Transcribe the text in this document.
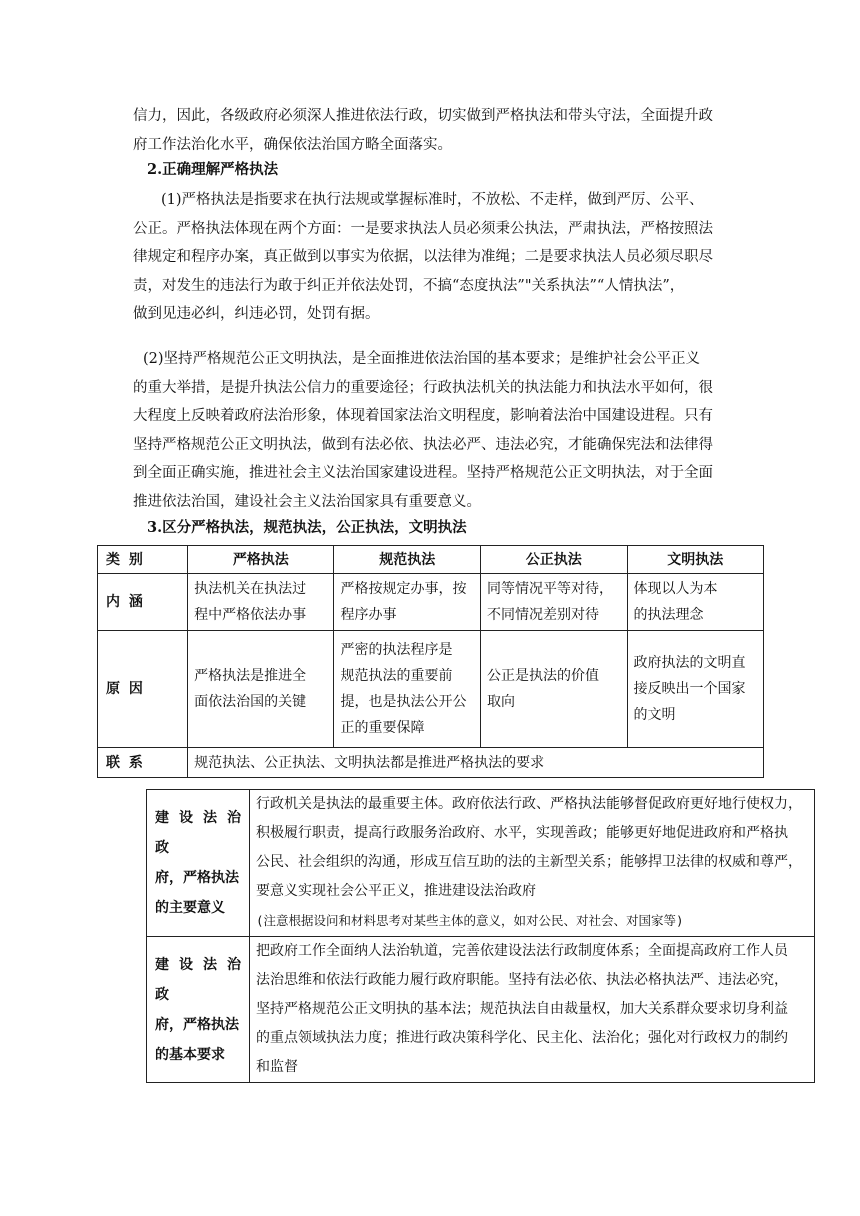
信力，因此，各级政府必须深人推进依法行政，切实做到严格执法和带头守法，全面提升政
府工作法治化水平，确保依法治国方略全面落实。

2.正确理解严格执法

(1)严格执法是指要求在执行法规或掌握标准时，不放松、不走样，做到严厉、公平、
公正。严格执法体现在两个方面：一是要求执法人员必须秉公执法，严肃执法，严格按照法
律规定和程序办案，真正做到以事实为依据，以法律为准绳；二是要求执法人员必须尽职尽
责，对发生的违法行为敢于纠正并依法处罚，不搞“态度执法”"关系执法”“人情执法”，
做到见违必纠，纠违必罚，处罚有据。

(2)坚持严格规范公正文明执法，是全面推进依法治国的基本要求；是维护社会公平正义
的重大举措，是提升执法公信力的重要途径；行政执法机关的执法能力和执法水平如何，很
大程度上反映着政府法治形象，体现着国家法治文明程度，影响着法治中国建设进程。只有
坚持严格规范公正文明执法，做到有法必依、执法必严、违法必究，才能确保宪法和法律得
到全面正确实施，推进社会主义法治国家建设进程。坚持严格规范公正文明执法，对于全面
推进依法治国，建设社会主义法治国家具有重要意义。

3.区分严格执法，规范执法，公正执法，文明执法

类 别	严格执法	规范执法	公正执法	文明执法
内 涵	执法机关在执法过
程中严格依法办事	严格按规定办事，按
程序办事	同等情况平等对待，
不同情况差别对待	体现以人为本
的执法理念
原 因	严格执法是推进全
面依法治国的关键	严密的执法程序是
规范执法的重要前
提，也是执法公开公
正的重要保障	公正是执法的价值
取向	政府执法的文明直
接反映出一个国家
的文明
联 系	规范执法、公正执法、文明执法都是推进严格执法的要求			
建 设 法 治 政
府，严格执法
的主要意义	行政机关是执法的最重要主体。政府依法行政、严格执法能够督促政府更好地行使权力，
积极履行职责，提高行政服务治政府、水平，实现善政；能够更好地促进政府和严格执
公民、社会组织的沟通，形成互信互助的法的主新型关系；能够捍卫法律的权威和尊严，
要意义实现社会公平正义，推进建设法治政府
(注意根据设问和材料思考对某些主体的意义，如对公民、对社会、对国家等)
建 设 法 治 政
府，严格执法
的基本要求	把政府工作全面纳人法治轨道，完善依建设法法行政制度体系；全面提高政府工作人员
法治思维和依法行政能力履行政府职能。坚持有法必依、执法必格执法严、违法必究，
坚持严格规范公正文明执的基本法；规范执法自由裁量权，加大关系群众要求切身利益
的重点领域执法力度；推进行政决策科学化、民主化、法治化；强化对行政权力的制约
和监督
